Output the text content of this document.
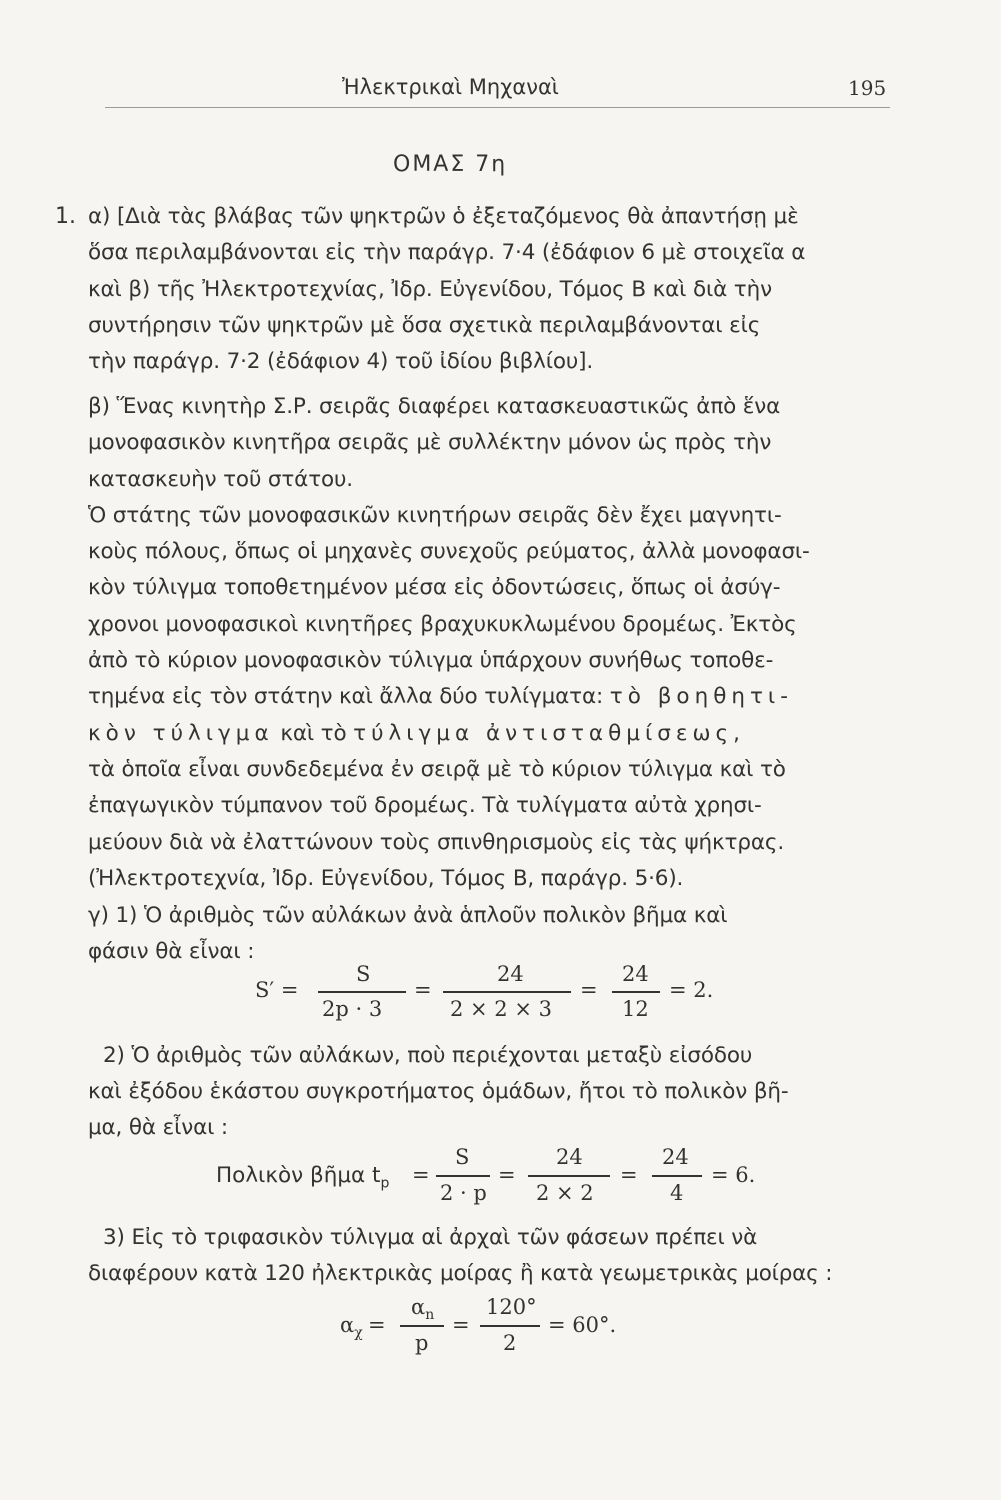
Ἠλεκτρικαὶ Μηχαναὶ	195
ΟΜΑΣ 7η
1. α) [Διὰ τὰς βλάβας τῶν ψηκτρῶν ὁ ἐξεταζόμενος θὰ ἀπαντήσῃ μὲ
ὅσα περιλαμβάνονται εἰς τὴν παράγρ. 7·4 (ἐδάφιον 6 μὲ στοιχεῖα α
καὶ β) τῆς Ἠλεκτροτεχνίας, Ἰδρ. Εὐγενίδου, Τόμος Β καὶ διὰ τὴν
συντήρησιν τῶν ψηκτρῶν μὲ ὅσα σχετικὰ περιλαμβάνονται εἰς
τὴν παράγρ. 7·2 (ἐδάφιον 4) τοῦ ἰδίου βιβλίου].
β) Ἕνας κινητὴρ Σ.Ρ. σειρᾶς διαφέρει κατασκευαστικῶς ἀπὸ ἕνα
μονοφασικὸν κινητῆρα σειρᾶς μὲ συλλέκτην μόνον ὡς πρὸς τὴν
κατασκευὴν τοῦ στάτου.
Ὁ στάτης τῶν μονοφασικῶν κινητήρων σειρᾶς δὲν ἔχει μαγνητι-
κοὺς πόλους, ὅπως οἱ μηχανὲς συνεχοῦς ρεύματος, ἀλλὰ μονοφασι-
κὸν τύλιγμα τοποθετημένον μέσα εἰς ὀδοντώσεις, ὅπως οἱ ἀσύγ-
χρονοι μονοφασικοὶ κινητῆρες βραχυκυκλωμένου δρομέως. Ἐκτὸς
ἀπὸ τὸ κύριον μονοφασικὸν τύλιγμα ὑπάρχουν συνήθως τοποθε-
τημένα εἰς τὸν στάτην καὶ ἄλλα δύο τυλίγματα: τὸ βοηθητι-
κὸν τύλιγμα καὶ τὸ τύλιγμα ἀντισταθμίσεως,
τὰ ὁποῖα εἶναι συνδεδεμένα ἐν σειρᾷ μὲ τὸ κύριον τύλιγμα καὶ τὸ
ἐπαγωγικὸν τύμπανον τοῦ δρομέως. Τὰ τυλίγματα αὐτὰ χρησι-
μεύουν διὰ νὰ ἐλαττώνουν τοὺς σπινθηρισμοὺς εἰς τὰς ψήκτρας.
(Ἠλεκτροτεχνία, Ἰδρ. Εὐγενίδου, Τόμος Β, παράγρ. 5·6).
γ) 1) Ὁ ἀριθμὸς τῶν αὐλάκων ἀνὰ ἁπλοῦν πολικὸν βῆμα καὶ
φάσιν θὰ εἶναι :
S′ =
S
2p · 3
=
24
2 × 2 × 3
=
24
12
= 2.
2) Ὁ ἀριθμὸς τῶν αὐλάκων, ποὺ περιέχονται μεταξὺ εἰσόδου
καὶ ἐξόδου ἑκάστου συγκροτήματος ὁμάδων, ἤτοι τὸ πολικὸν βῆ-
μα, θὰ εἶναι :
Πολικὸν βῆμα $t_p$ =
S
2 · p
=
24
2 × 2
=
24
4
= 6.
3) Εἰς τὸ τριφασικὸν τύλιγμα αἱ ἀρχαὶ τῶν φάσεων πρέπει νὰ
διαφέρουν κατὰ 120 ἠλεκτρικὰς μοίρας ἢ κατὰ γεωμετρικὰς μοίρας :
$\alpha_\chi$ =
$\alpha_n$
p
=
120°
2
= 60°.
